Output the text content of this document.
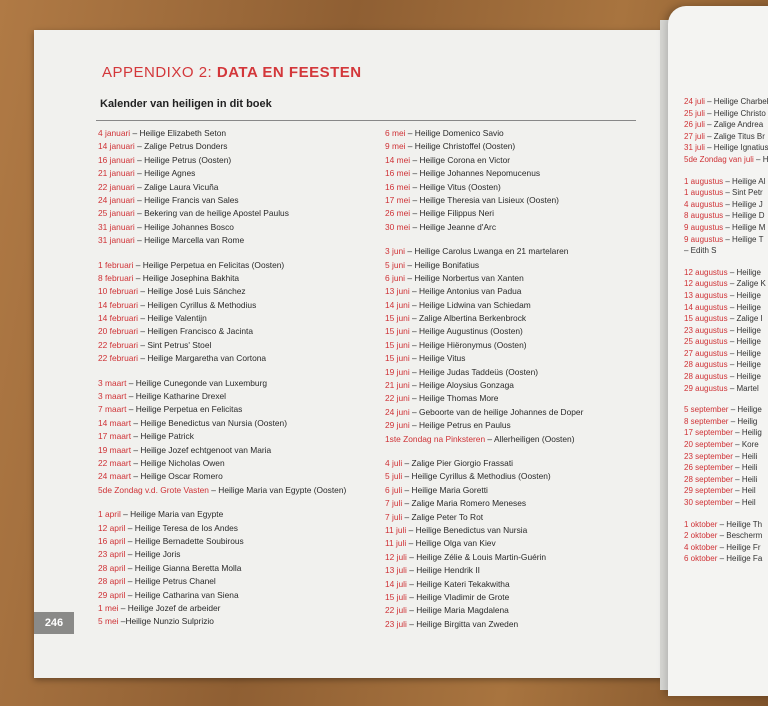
APPENDIXO 2: DATA EN FEESTEN
Kalender van heiligen in dit boek
4 januari – Heilige Elizabeth Seton
14 januari – Zalige Petrus Donders
16 januari – Heilige Petrus (Oosten)
21 januari – Heilige Agnes
22 januari – Zalige Laura Vicuña
24 januari – Heilige Francis van Sales
25 januari – Bekering van de heilige Apostel Paulus
31 januari – Heilige Johannes Bosco
31 januari – Heilige Marcella van Rome
1 februari – Heilige Perpetua en Felicitas (Oosten)
8 februari – Heilige Josephina Bakhita
10 februari – Heilige José Luis Sánchez
14 februari – Heiligen Cyrillus & Methodius
14 februari – Heilige Valentijn
20 februari – Heiligen Francisco & Jacinta
22 februari – Sint Petrus' Stoel
22 februari – Heilige Margaretha van Cortona
3 maart – Heilige Cunegonde van Luxemburg
3 maart – Heilige Katharine Drexel
7 maart – Heilige Perpetua en Felicitas
14 maart – Heilige Benedictus van Nursia (Oosten)
17 maart – Heilige Patrick
19 maart – Heilige Jozef echtgenoot van Maria
22 maart – Heilige Nicholas Owen
24 maart – Heilige Oscar Romero
5de Zondag v.d. Grote Vasten – Heilige Maria van Egypte (Oosten)
1 april – Heilige Maria van Egypte
12 april – Heilige Teresa de los Andes
16 april – Heilige Bernadette Soubirous
23 april – Heilige Joris
28 april – Heilige Gianna Beretta Molla
28 april – Heilige Petrus Chanel
29 april – Heilige Catharina van Siena
1 mei – Heilige Jozef de arbeider
5 mei –Heilige Nunzio Sulprizio
6 mei – Heilige Domenico Savio
9 mei – Heilige Christoffel (Oosten)
14 mei – Heilige Corona en Victor
16 mei – Heilige Johannes Nepomucenus
16 mei – Heilige Vitus (Oosten)
17 mei – Heilige Theresia van Lisieux (Oosten)
26 mei – Heilige Filippus Neri
30 mei – Heilige Jeanne d'Arc
3 juni – Heilige Carolus Lwanga en 21 martelaren
5 juni – Heilige Bonifatius
6 juni – Heilige Norbertus van Xanten
13 juni – Heilige Antonius van Padua
14 juni – Heilige Lidwina van Schiedam
15 juni – Zalige Albertina Berkenbrock
15 juni – Heilige Augustinus (Oosten)
15 juni – Heilige Hiëronymus (Oosten)
15 juni – Heilige Vitus
19 juni – Heilige Judas Taddeüs (Oosten)
21 juni – Heilige Aloysius Gonzaga
22 juni – Heilige Thomas More
24 juni – Geboorte van de heilige Johannes de Doper
29 juni – Heilige Petrus en Paulus
1ste Zondag na Pinksteren – Allerheiligen (Oosten)
4 juli – Zalige Pier Giorgio Frassati
5 juli – Heilige Cyrillus & Methodius (Oosten)
6 juli – Heilige Maria Goretti
7 juli – Zalige Maria Romero Meneses
7 juli – Zalige Peter To Rot
11 juli – Heilige Benedictus van Nursia
11 juli – Heilige Olga van Kiev
12 juli – Heilige Zélie & Louis Martin-Guérin
13 juli – Heilige Hendrik II
14 juli – Heilige Kateri Tekakwitha
15 juli – Heilige Vladimir de Grote
22 juli – Heilige Maria Magdalena
23 juli – Heilige Birgitta van Zweden
24 juli – Heilige Charbel
25 juli – Heilige Christo
26 juli – Zalige Andrea
27 juli – Zalige Titus Br
31 juli – Heilige Ignatius
5de Zondag van juli – H
1 augustus – Heilige Al
1 augustus – Sint Petr
4 augustus – Heilige J
8 augustus – Heilige D
9 augustus – Heilige M
9 augustus – Heilige T
– Edith S
12 augustus – Heilige
12 augustus – Zalige K
13 augustus – Heilige
14 augustus – Heilige
15 augustus – Zalige I
23 augustus – Heilige
25 augustus – Heilige
27 augustus – Heilige
28 augustus – Heilige
28 augustus – Heilige
29 augustus – Martel
5 september – Heilige
8 september – Heilig
17 september – Heilig
20 september – Kore
23 september – Heili
26 september – Heili
28 september – Heili
29 september – Heil
30 september – Heil
1 oktober – Heilige Th
2 oktober – Bescherm
4 oktober – Heilige Fr
6 oktober – Heilige Fa
246
